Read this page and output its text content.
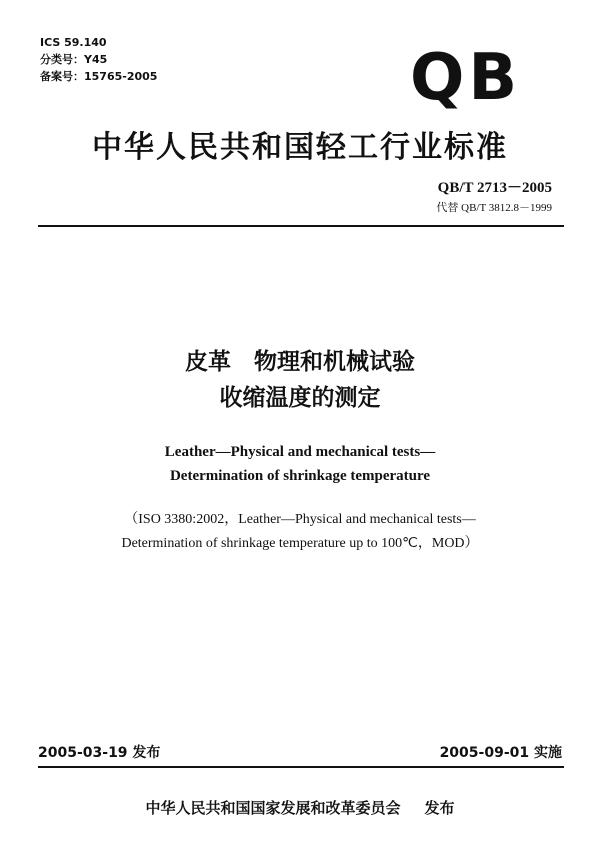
ICS 59.140
分类号：Y45
备案号：15765-2005	QB
中华人民共和国轻工行业标准
QB/T 2713－2005
代替 QB/T 3812.8－1999
皮革　物理和机械试验
收缩温度的测定
Leather—Physical and mechanical tests—
Determination of shrinkage temperature
（ISO 3380:2002，Leather—Physical and mechanical tests—
Determination of shrinkage temperature up to 100℃，MOD）
2005-03-19 发布	2005-09-01 实施
中华人民共和国国家发展和改革委员会 发布
